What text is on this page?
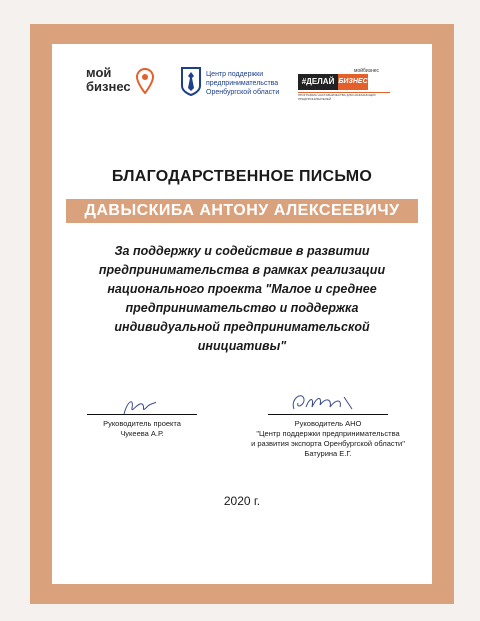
мой
бизнес
Центр поддержки
предпринимательства
Оренбургской области
мойбизнес
#ДЕЛАЙ БИЗНЕС
ПРОГРАММА НАСТАВНИЧЕСТВА ДЛЯ НАЧИНАЮЩИХ ПРЕДПРИНИМАТЕЛЕЙ
БЛАГОДАРСТВЕННОЕ ПИСЬМО
ДАВЫСКИБА АНТОНУ АЛЕКСЕЕВИЧУ
За поддержку и содействие в развитии
предпринимательства в рамках реализации
национального проекта "Малое и среднее
предпринимательство и поддержка
индивидуальной предпринимательской
инициативы"
Руководитель проекта
Чукеева А.Р.
Руководитель АНО
"Центр поддержки предпринимательства
и развития экспорта Оренбургской области"
Батурина Е.Г.
2020 г.
